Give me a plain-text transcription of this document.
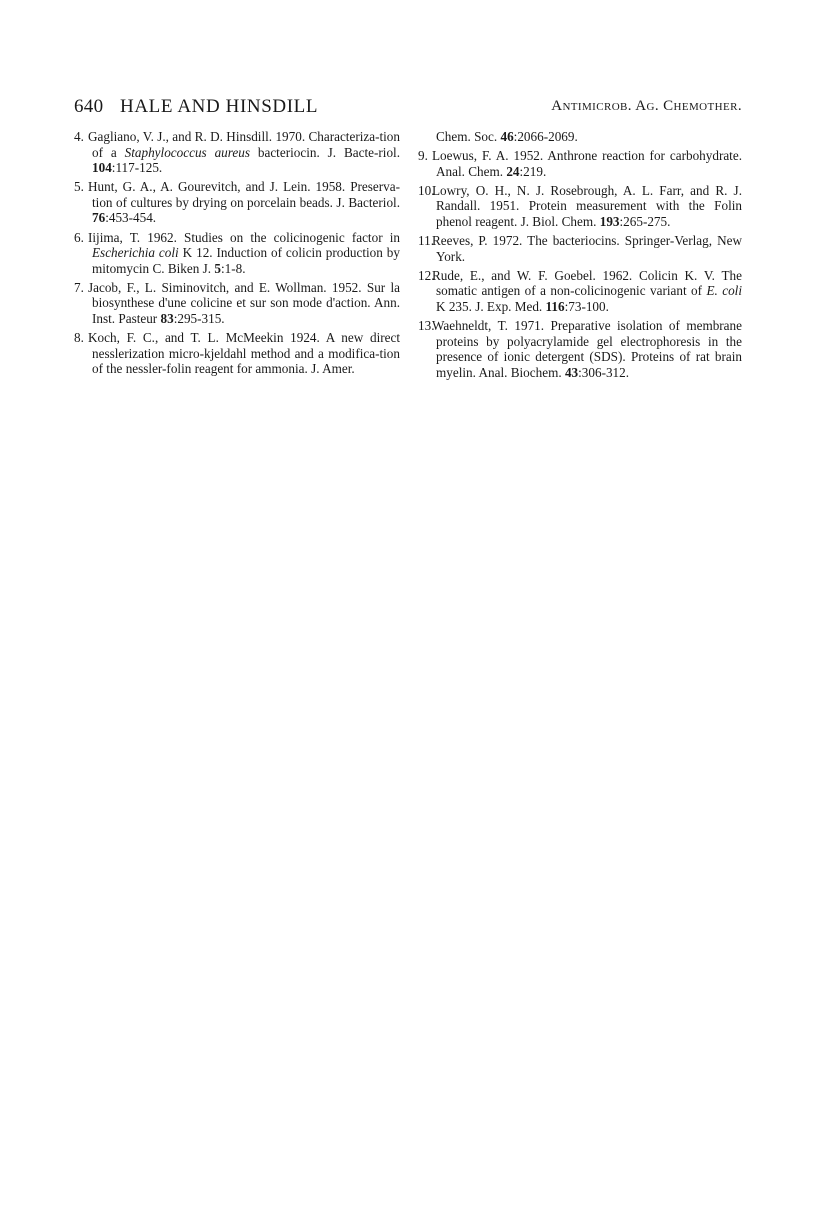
640 HALE AND HINSDILL	Antimicrob. Ag. Chemother.

4. Gagliano, V. J., and R. D. Hinsdill. 1970. Characteriza-tion of a Staphylococcus aureus bacteriocin. J. Bacte-riol. 104:117-125.

5. Hunt, G. A., A. Gourevitch, and J. Lein. 1958. Preserva-tion of cultures by drying on porcelain beads. J. Bacteriol. 76:453-454.

6. Iijima, T. 1962. Studies on the colicinogenic factor in Escherichia coli K 12. Induction of colicin production by mitomycin C. Biken J. 5:1-8.

7. Jacob, F., L. Siminovitch, and E. Wollman. 1952. Sur la biosynthese d'une colicine et sur son mode d'action. Ann. Inst. Pasteur 83:295-315.

8. Koch, F. C., and T. L. McMeekin 1924. A new direct nesslerization micro-kjeldahl method and a modifica-tion of the nessler-folin reagent for ammonia. J. Amer.

Chem. Soc. 46:2066-2069.

9. Loewus, F. A. 1952. Anthrone reaction for carbohydrate. Anal. Chem. 24:219.

10.Lowry, O. H., N. J. Rosebrough, A. L. Farr, and R. J. Randall. 1951. Protein measurement with the Folin phenol reagent. J. Biol. Chem. 193:265-275.

11.Reeves, P. 1972. The bacteriocins. Springer-Verlag, New York.

12.Rude, E., and W. F. Goebel. 1962. Colicin K. V. The somatic antigen of a non-colicinogenic variant of E. coli K 235. J. Exp. Med. 116:73-100.

13.Waehneldt, T. 1971. Preparative isolation of membrane proteins by polyacrylamide gel electrophoresis in the presence of ionic detergent (SDS). Proteins of rat brain myelin. Anal. Biochem. 43:306-312.
